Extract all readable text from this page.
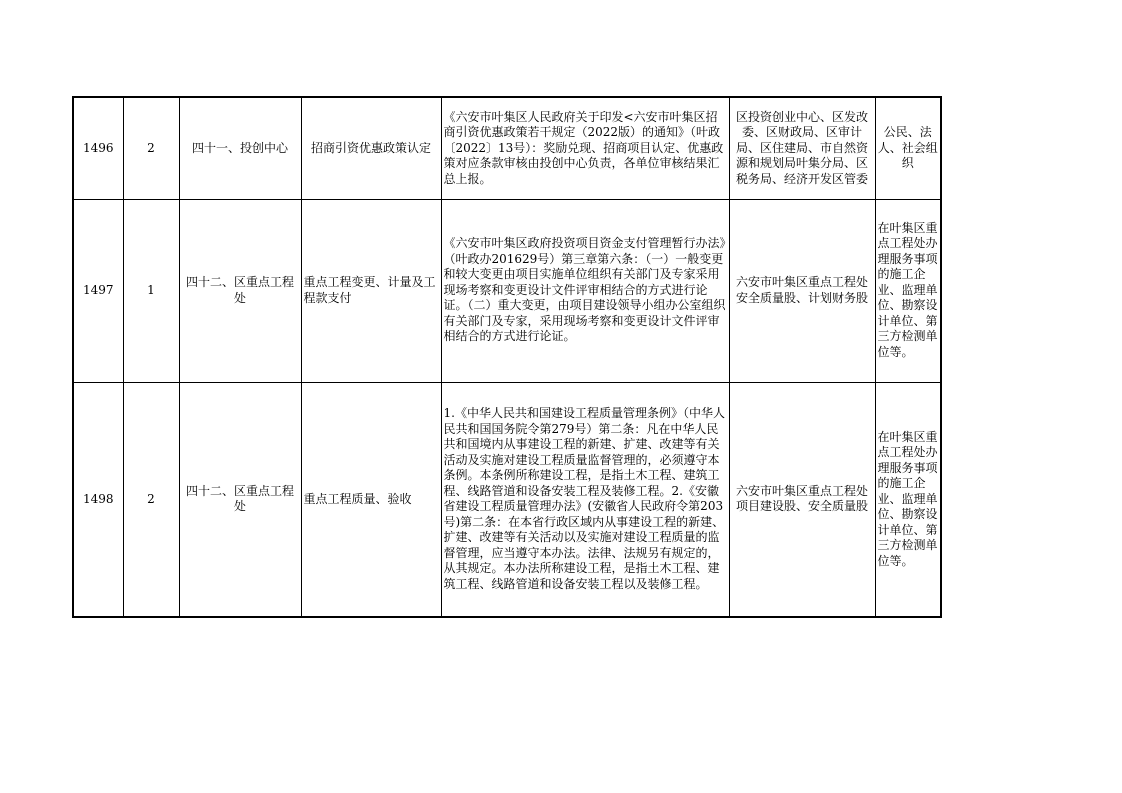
1496	2	四十一、投创中心	招商引资优惠政策认定	《六安市叶集区人民政府关于印发<六安市叶集区招商引资优惠政策若干规定（2022版）的通知》（叶政〔2022〕13号）：奖励兑现、招商项目认定、优惠政策对应条款审核由投创中心负责，各单位审核结果汇总上报。	区投资创业中心、区发改委、区财政局、区审计局、区住建局、市自然资源和规划局叶集分局、区税务局、经济开发区管委	公民、法人、社会组织
1497	1	四十二、区重点工程处	重点工程变更、计量及工程款支付	《六安市叶集区政府投资项目资金支付管理暂行办法》（叶政办201629号）第三章第六条：（一）一般变更和较大变更由项目实施单位组织有关部门及专家采用现场考察和变更设计文件评审相结合的方式进行论证。（二）重大变更，由项目建设领导小组办公室组织有关部门及专家，采用现场考察和变更设计文件评审相结合的方式进行论证。	六安市叶集区重点工程处安全质量股、计划财务股	在叶集区重点工程处办理服务事项的施工企业、监理单位、勘察设计单位、第三方检测单位等。
1498	2	四十二、区重点工程处	重点工程质量、验收	1.《中华人民共和国建设工程质量管理条例》（中华人民共和国国务院令第279号）第二条：凡在中华人民共和国境内从事建设工程的新建、扩建、改建等有关活动及实施对建设工程质量监督管理的，必须遵守本条例。本条例所称建设工程，是指土木工程、建筑工程、线路管道和设备安装工程及装修工程。2.《安徽省建设工程质量管理办法》(安徽省人民政府令第203号)第二条：在本省行政区域内从事建设工程的新建、扩建、改建等有关活动以及实施对建设工程质量的监督管理，应当遵守本办法。法律、法规另有规定的，从其规定。本办法所称建设工程，是指土木工程、建筑工程、线路管道和设备安装工程以及装修工程。	六安市叶集区重点工程处项目建设股、安全质量股	在叶集区重点工程处办理服务事项的施工企业、监理单位、勘察设计单位、第三方检测单位等。
